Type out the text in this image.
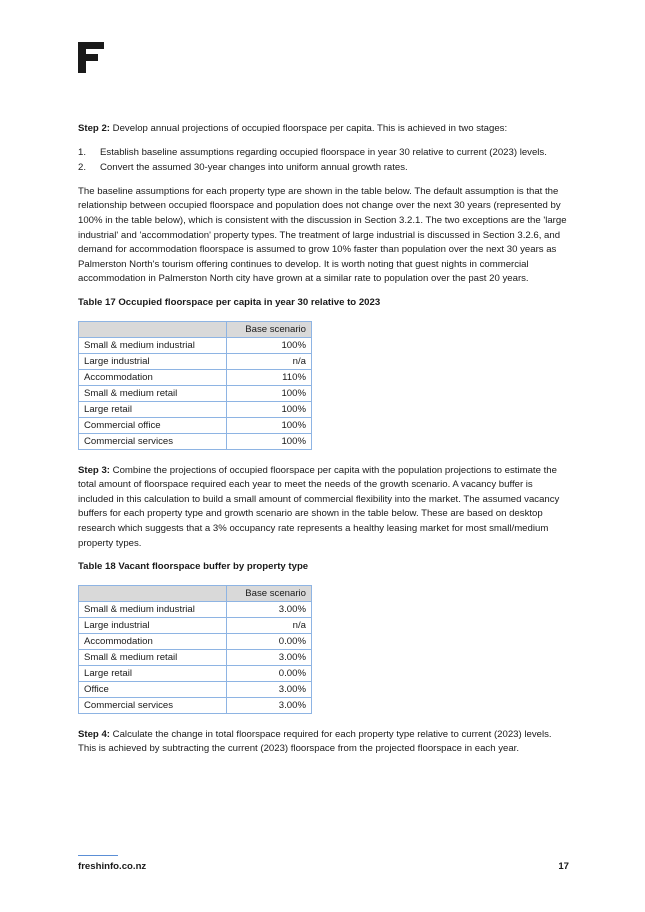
Step 2: Develop annual projections of occupied floorspace per capita. This is achieved in two stages:

1.	Establish baseline assumptions regarding occupied floorspace in year 30 relative to current (2023) levels.
2.	Convert the assumed 30-year changes into uniform annual growth rates.

The baseline assumptions for each property type are shown in the table below. The default assumption is that the relationship between occupied floorspace and population does not change over the next 30 years (represented by 100% in the table below), which is consistent with the discussion in Section 3.2.1. The two exceptions are the 'large industrial' and 'accommodation' property types. The treatment of large industrial is discussed in Section 3.2.6, and demand for accommodation floorspace is assumed to grow 10% faster than population over the next 30 years as Palmerston North's tourism offering continues to develop. It is worth noting that guest nights in commercial accommodation in Palmerston North city have grown at a similar rate to population over the past 20 years.

Table 17 Occupied floorspace per capita in year 30 relative to 2023

	Base scenario
Small & medium industrial	100%
Large industrial	n/a
Accommodation	110%
Small & medium retail	100%
Large retail	100%
Commercial office	100%
Commercial services	100%

Step 3: Combine the projections of occupied floorspace per capita with the population projections to estimate the total amount of floorspace required each year to meet the needs of the growth scenario. A vacancy buffer is included in this calculation to build a small amount of commercial flexibility into the market. The assumed vacancy buffers for each property type and growth scenario are shown in the table below. These are based on desktop research which suggests that a 3% occupancy rate represents a healthy leasing market for most small/medium property types.

Table 18 Vacant floorspace buffer by property type

	Base scenario
Small & medium industrial	3.00%
Large industrial	n/a
Accommodation	0.00%
Small & medium retail	3.00%
Large retail	0.00%
Office	3.00%
Commercial services	3.00%

Step 4: Calculate the change in total floorspace required for each property type relative to current (2023) levels. This is achieved by subtracting the current (2023) floorspace from the projected floorspace in each year.

freshinfo.co.nz	17
